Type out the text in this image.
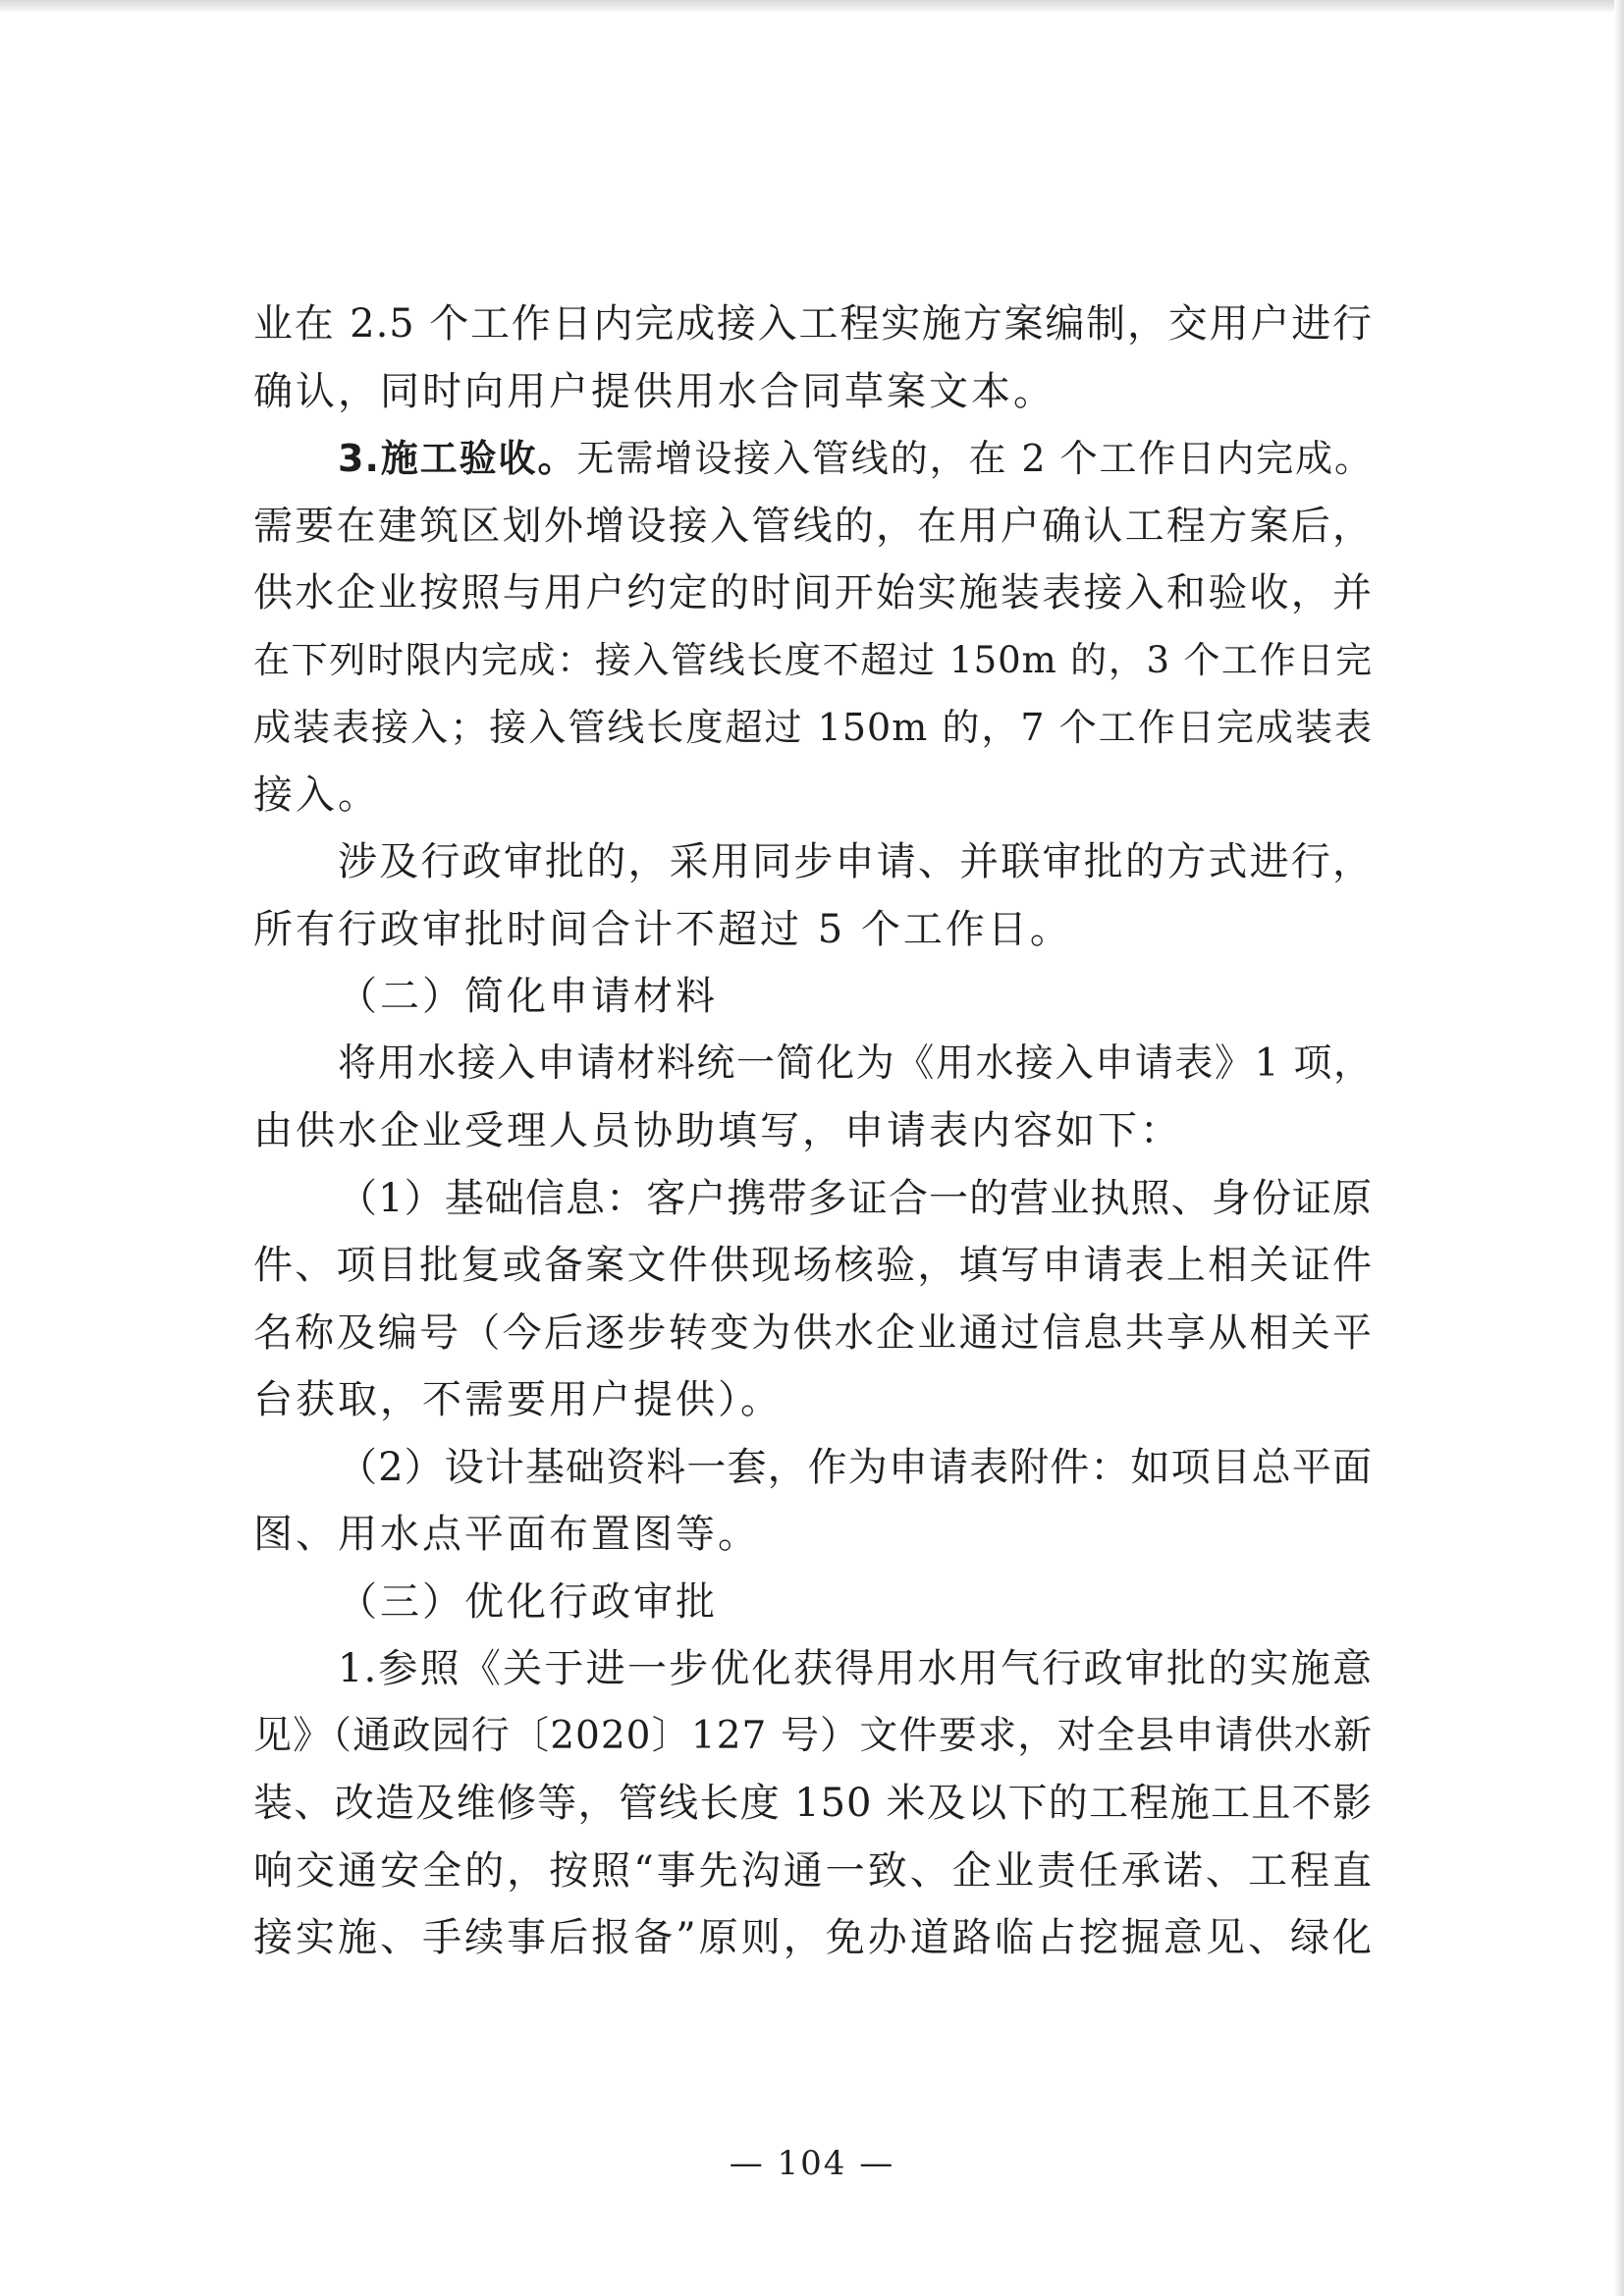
业在 2.5 个工作日内完成接入工程实施方案编制，交用户进行
确认，同时向用户提供用水合同草案文本。
3.施工验收。无需增设接入管线的，在 2 个工作日内完成。
需要在建筑区划外增设接入管线的，在用户确认工程方案后，
供水企业按照与用户约定的时间开始实施装表接入和验收，并
在下列时限内完成：接入管线长度不超过 150m 的，3 个工作日完
成装表接入；接入管线长度超过 150m 的，7 个工作日完成装表
接入。
涉及行政审批的，采用同步申请、并联审批的方式进行，
所有行政审批时间合计不超过 5 个工作日。
（二）简化申请材料
将用水接入申请材料统一简化为《用水接入申请表》1 项，
由供水企业受理人员协助填写，申请表内容如下：
（1）基础信息：客户携带多证合一的营业执照、身份证原
件、项目批复或备案文件供现场核验，填写申请表上相关证件
名称及编号（今后逐步转变为供水企业通过信息共享从相关平
台获取，不需要用户提供）。
（2）设计基础资料一套，作为申请表附件：如项目总平面
图、用水点平面布置图等。
（三）优化行政审批
1.参照《关于进一步优化获得用水用气行政审批的实施意
见》（通政园行〔2020〕127 号）文件要求，对全县申请供水新
装、改造及维修等，管线长度 150 米及以下的工程施工且不影
响交通安全的，按照“事先沟通一致、企业责任承诺、工程直
接实施、手续事后报备”原则，免办道路临占挖掘意见、绿化
— 104 —
